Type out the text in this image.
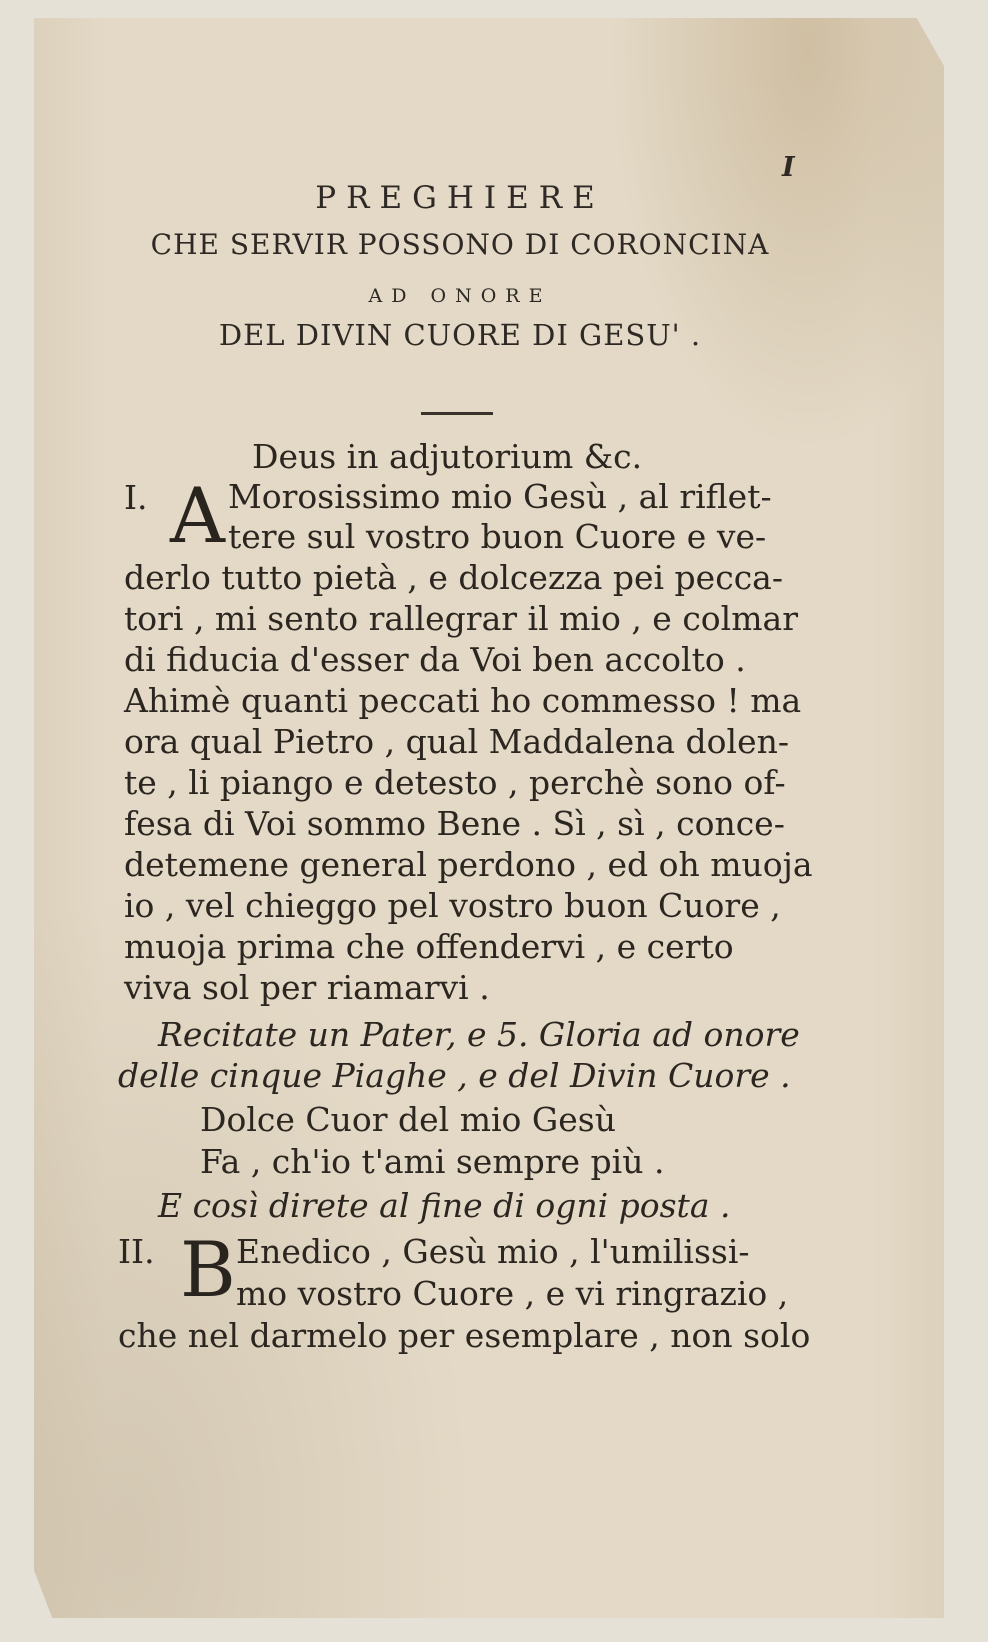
I
PREGHIERE
CHE SERVIR POSSONO DI CORONCINA
AD ONORE
DEL DIVIN CUORE DI GESU' .
Deus in adjutorium &c.
I. A Morosissimo mio Gesù , al riflet-
tere sul vostro buon Cuore e ve-
derlo tutto pietà , e dolcezza pei pecca-
tori , mi sento rallegrar il mio , e colmar
di fiducia d'esser da Voi ben accolto .
Ahimè quanti peccati ho commesso ! ma
ora qual Pietro , qual Maddalena dolen-
te , li piango e detesto , perchè sono of-
fesa di Voi sommo Bene . Sì , sì , conce-
detemene general perdono , ed oh muoja
io , vel chieggo pel vostro buon Cuore ,
muoja prima che offendervi , e certo
viva sol per riamarvi .
Recitate un Pater, e 5. Gloria ad onore
delle cinque Piaghe , e del Divin Cuore .
Dolce Cuor del mio Gesù
Fa , ch'io t'ami sempre più .
E così direte al fine di ogni posta .
II. B Enedico , Gesù mio , l'umilissi-
mo vostro Cuore , e vi ringrazio ,
che nel darmelo per esemplare , non solo
